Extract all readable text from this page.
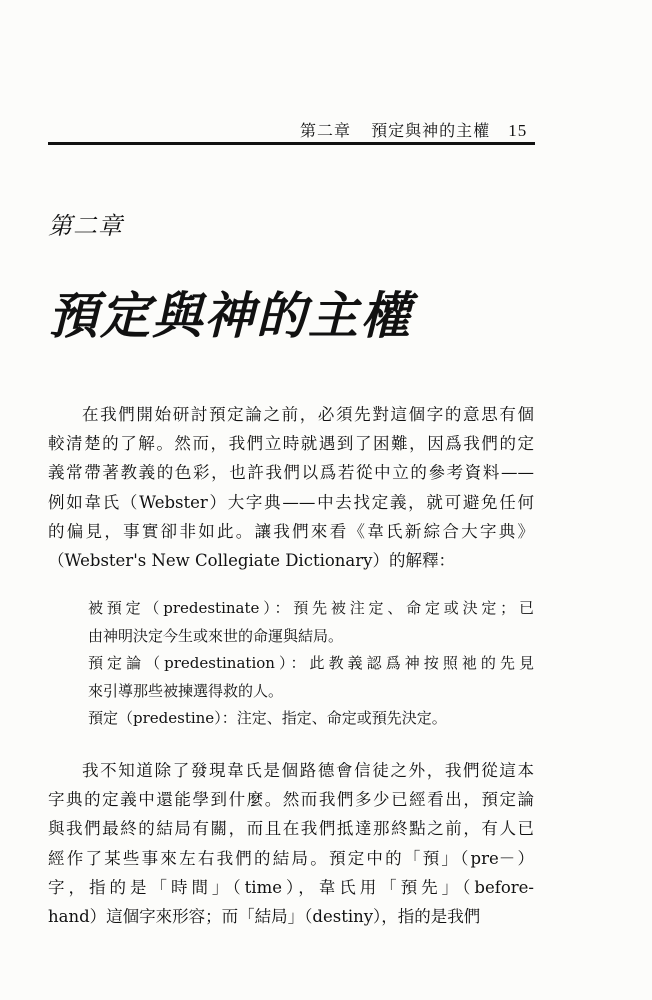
第二章 預定與神的主權 15
第二章
預定與神的主權
在我們開始研討預定論之前，必須先對這個字的意思有個
較清楚的了解。然而，我們立時就遇到了困難，因爲我們的定
義常帶著教義的色彩，也許我們以爲若從中立的參考資料——
例如韋氏（Webster）大字典——中去找定義，就可避免任何
的偏見，事實卻非如此。讓我們來看《韋氏新綜合大字典》
（Webster's New Collegiate Dictionary）的解釋：
被預定（predestinate）：預先被注定、命定或決定；已
由神明決定今生或來世的命運與結局。
預定論（predestination）：此教義認爲神按照祂的先見
來引導那些被揀選得救的人。
預定（predestine）：注定、指定、命定或預先決定。
我不知道除了發現韋氏是個路德會信徒之外，我們從這本
字典的定義中還能學到什麼。然而我們多少已經看出，預定論
與我們最終的結局有關，而且在我們抵達那終點之前，有人已
經作了某些事來左右我們的結局。預定中的「預」（pre－）
字，指的是「時間」（time），韋氏用「預先」（before-
hand）這個字來形容；而「結局」（destiny），指的是我們
